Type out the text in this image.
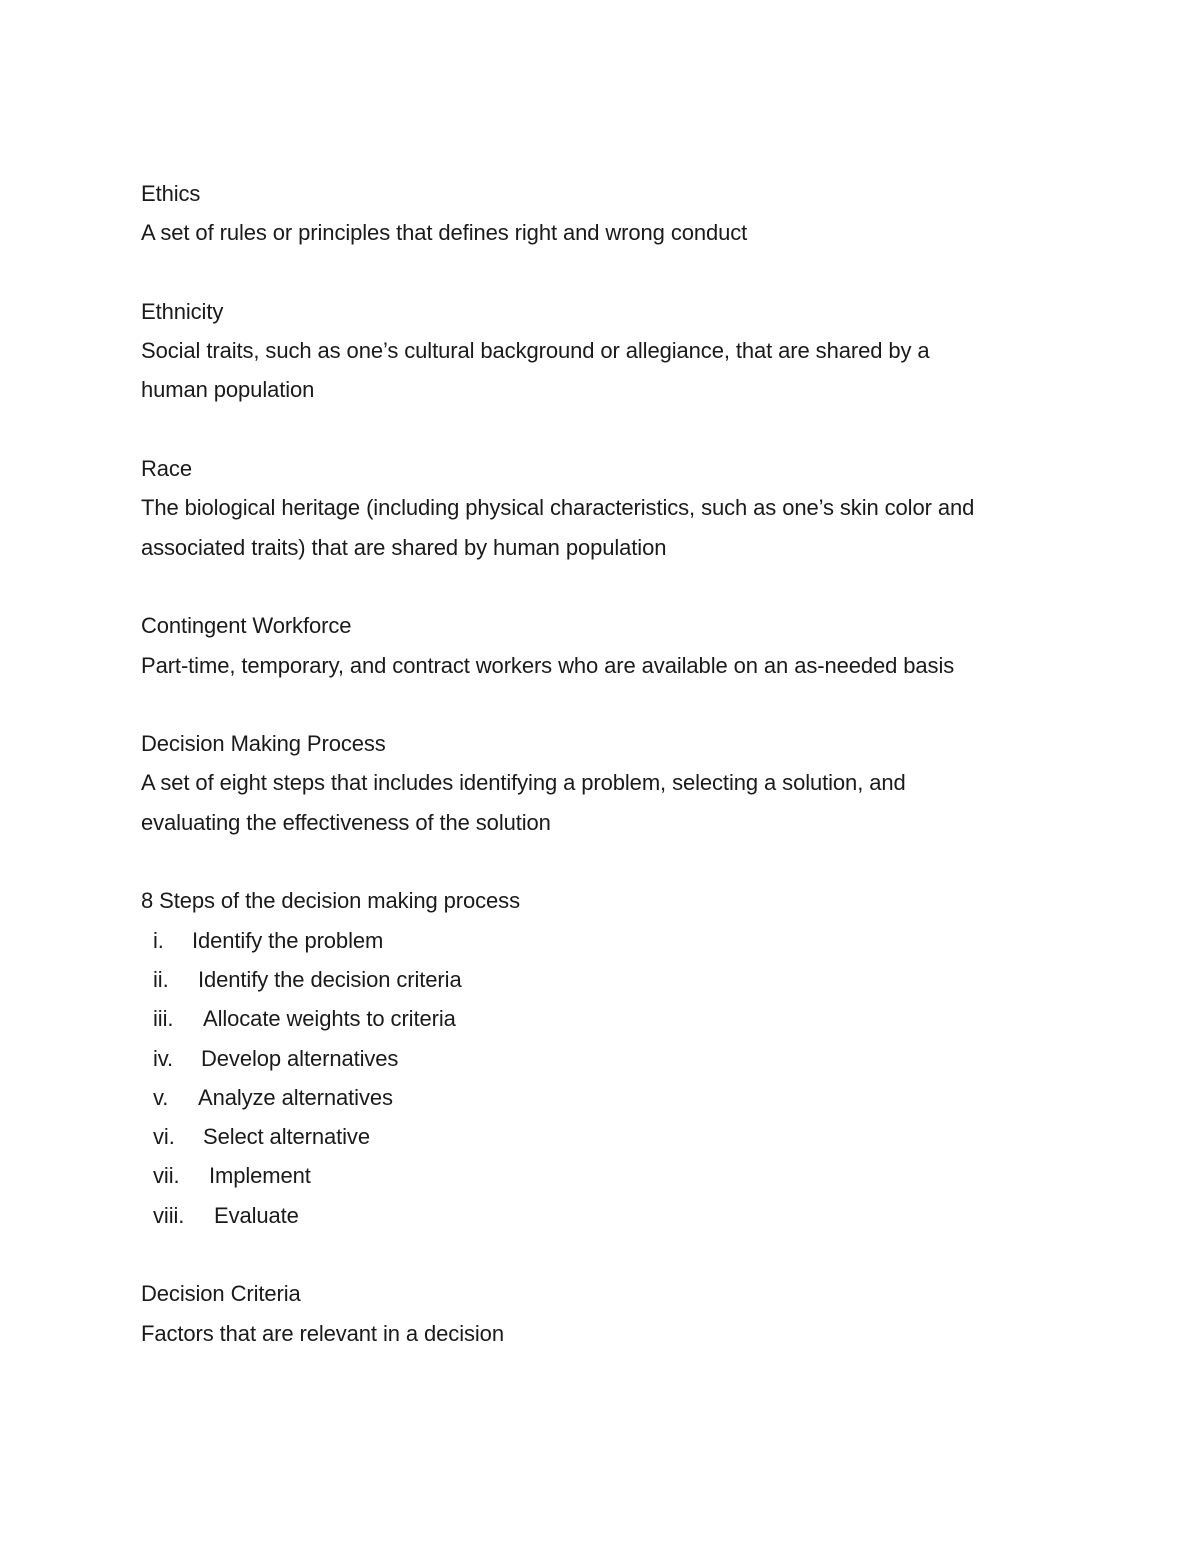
Ethics
A set of rules or principles that defines right and wrong conduct
Ethnicity
Social traits, such as one’s cultural background or allegiance, that are shared by a
human population
Race
The biological heritage (including physical characteristics, such as one’s skin color and
associated traits) that are shared by human population
Contingent Workforce
Part-time, temporary, and contract workers who are available on an as-needed basis
Decision Making Process
A set of eight steps that includes identifying a problem, selecting a solution, and
evaluating the effectiveness of the solution
8 Steps of the decision making process
i. Identify the problem
ii. Identify the decision criteria
iii. Allocate weights to criteria
iv. Develop alternatives
v. Analyze alternatives
vi. Select alternative
vii. Implement
viii. Evaluate
Decision Criteria
Factors that are relevant in a decision
